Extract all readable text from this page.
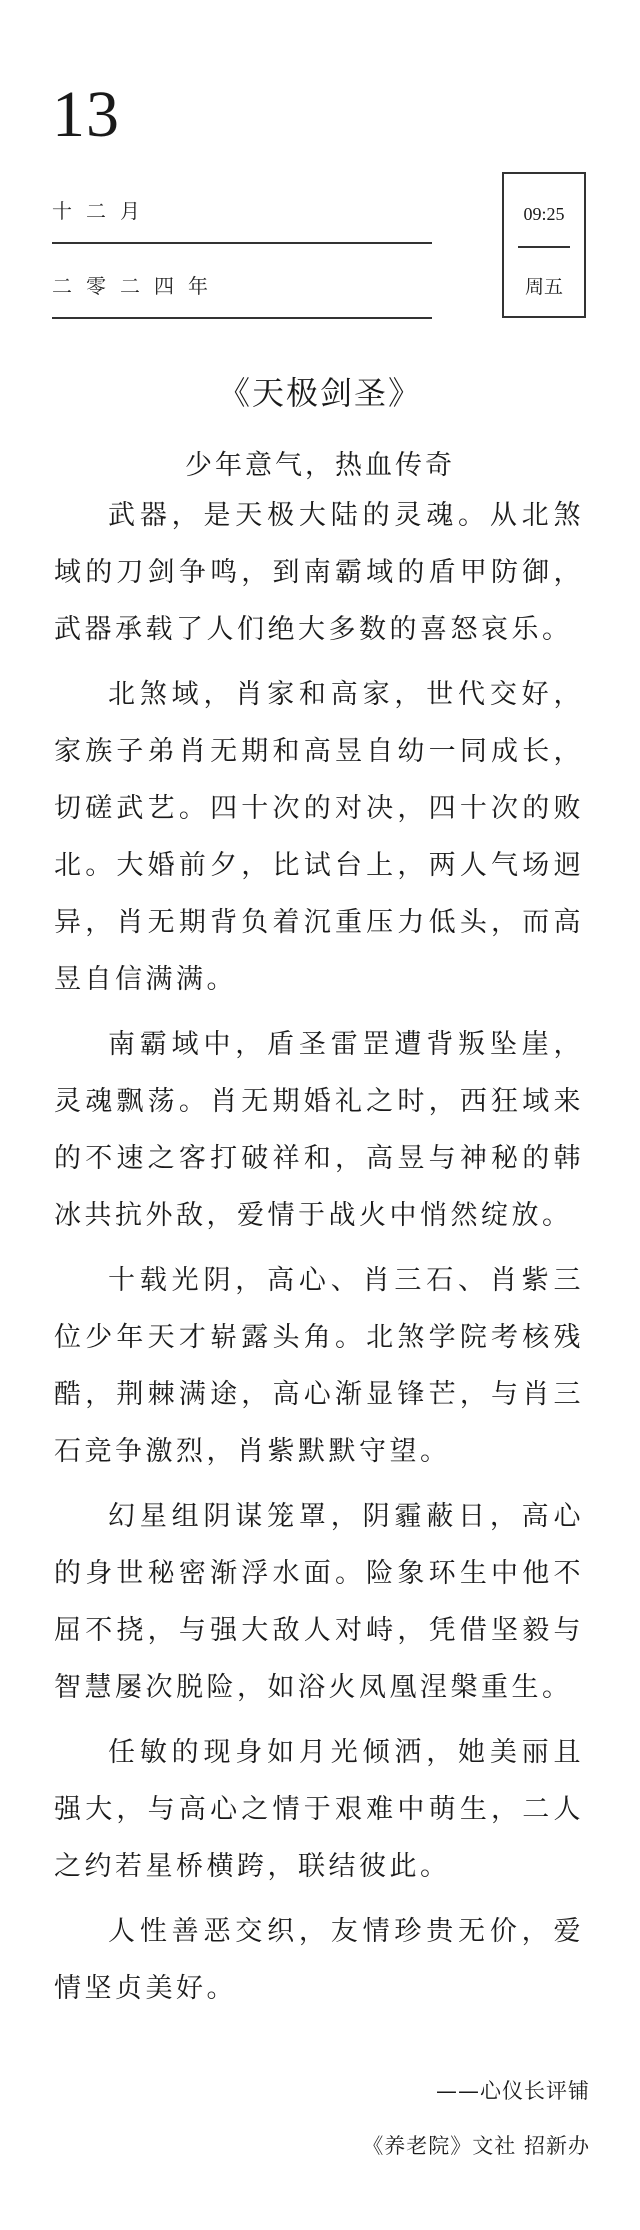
13
十二月
二零二四年
09:25
周五
《天极剑圣》
少年意气，热血传奇

武器，是天极大陆的灵魂。从北煞域的刀剑争鸣，到南霸域的盾甲防御，武器承载了人们绝大多数的喜怒哀乐。

北煞域，肖家和高家，世代交好，家族子弟肖无期和高昱自幼一同成长，切磋武艺。四十次的对决，四十次的败北。大婚前夕，比试台上，两人气场迥异，肖无期背负着沉重压力低头，而高昱自信满满。

南霸域中，盾圣雷罡遭背叛坠崖，灵魂飘荡。肖无期婚礼之时，西狂域来的不速之客打破祥和，高昱与神秘的韩冰共抗外敌，爱情于战火中悄然绽放。

十载光阴，高心、肖三石、肖紫三位少年天才崭露头角。北煞学院考核残酷，荆棘满途，高心渐显锋芒，与肖三石竞争激烈，肖紫默默守望。

幻星组阴谋笼罩，阴霾蔽日，高心的身世秘密渐浮水面。险象环生中他不屈不挠，与强大敌人对峙，凭借坚毅与智慧屡次脱险，如浴火凤凰涅槃重生。

任敏的现身如月光倾洒，她美丽且强大，与高心之情于艰难中萌生，二人之约若星桥横跨，联结彼此。

人性善恶交织，友情珍贵无价，爱情坚贞美好。

——心仪长评铺
《养老院》文社 招新办
